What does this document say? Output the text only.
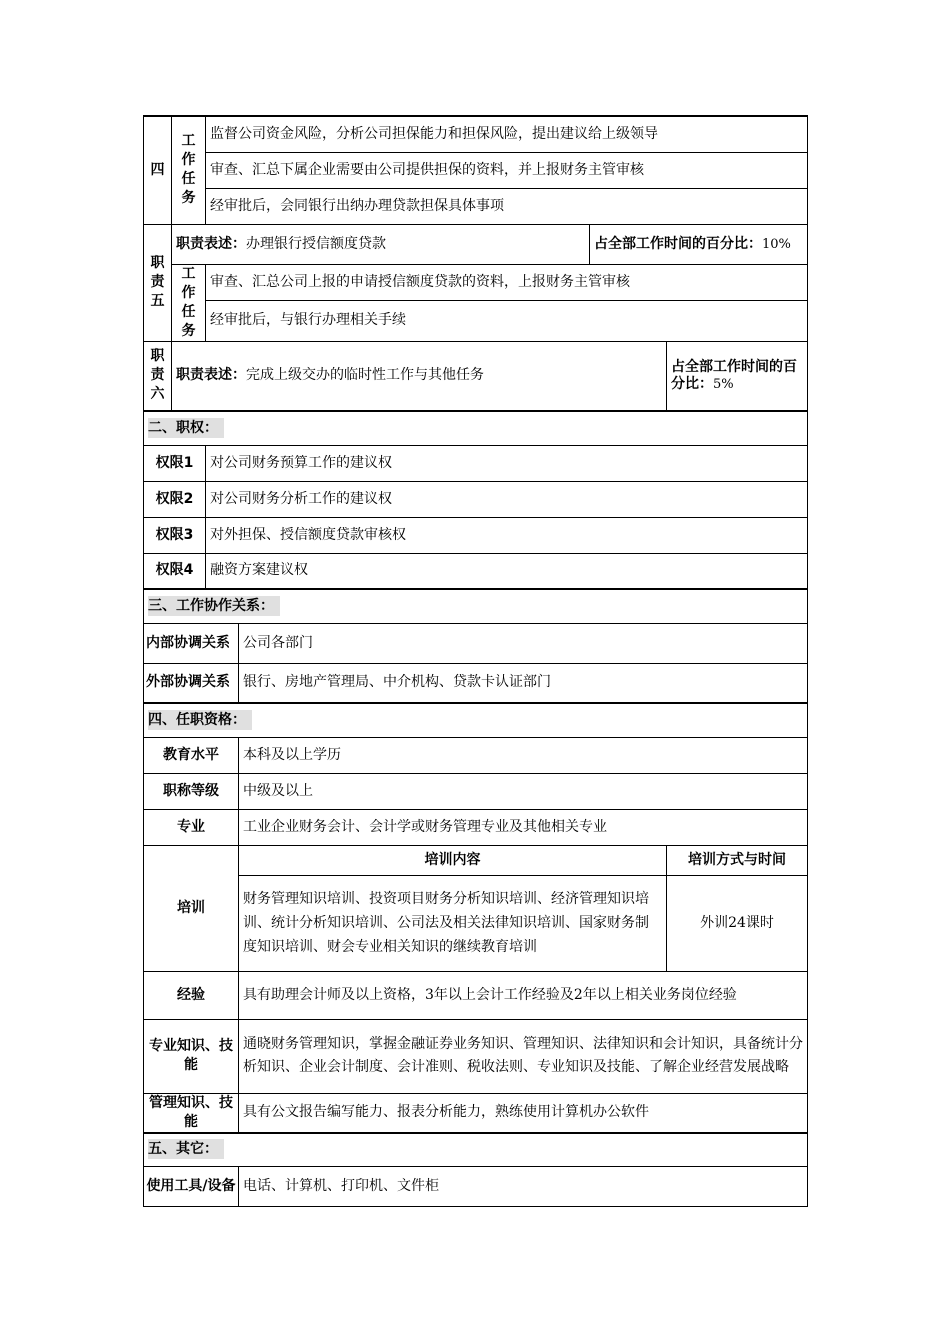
四	工
作
任
务	监督公司资金风险，分析公司担保能力和担保风险，提出建议给上级领导			
		审查、汇总下属企业需要由公司提供担保的资料，并上报财务主管审核			
		经审批后，会同银行出纳办理贷款担保具体事项			

职
责
五	职责表述：办理银行授信额度贷款			占全部工作时间的百分比：10%	

	工
作
任
务	审查、汇总公司上报的申请授信额度贷款的资料，上报财务主管审核			
		经审批后，与银行办理相关手续			

职
责
六	职责表述：完成上级交办的临时性工作与其他任务				占全部工作时间的百分比：5%
二、职权：					
权限1		对公司财务预算工作的建议权			
权限2		对公司财务分析工作的建议权			
权限3		对外担保、授信额度贷款审核权			
权限4		融资方案建议权			
三、工作协作关系：					
内部协调关系			公司各部门		
外部协调关系			银行、房地产管理局、中介机构、贷款卡认证部门		
四、任职资格：					
教育水平			本科及以上学历		
职称等级			中级及以上		
专业			工业企业财务会计、会计学或财务管理专业及其他相关专业		
培训			培训内容		培训方式与时间
			财务管理知识培训、投资项目财务分析知识培训、经济管理知识培训、统计分析知识培训、公司法及相关法律知识培训、国家财务制度知识培训、财会专业相关知识的继续教育培训		外训24课时
经验			具有助理会计师及以上资格，3年以上会计工作经验及2年以上相关业务岗位经验		
专业知识、技能			通晓财务管理知识，掌握金融证券业务知识、管理知识、法律知识和会计知识，具备统计分析知识、企业会计制度、会计准则、税收法则、专业知识及技能、了解企业经营发展战略		
管理知识、技能			具有公文报告编写能力、报表分析能力，熟练使用计算机办公软件		
五、其它：					
使用工具/设备			电话、计算机、打印机、文件柜		
